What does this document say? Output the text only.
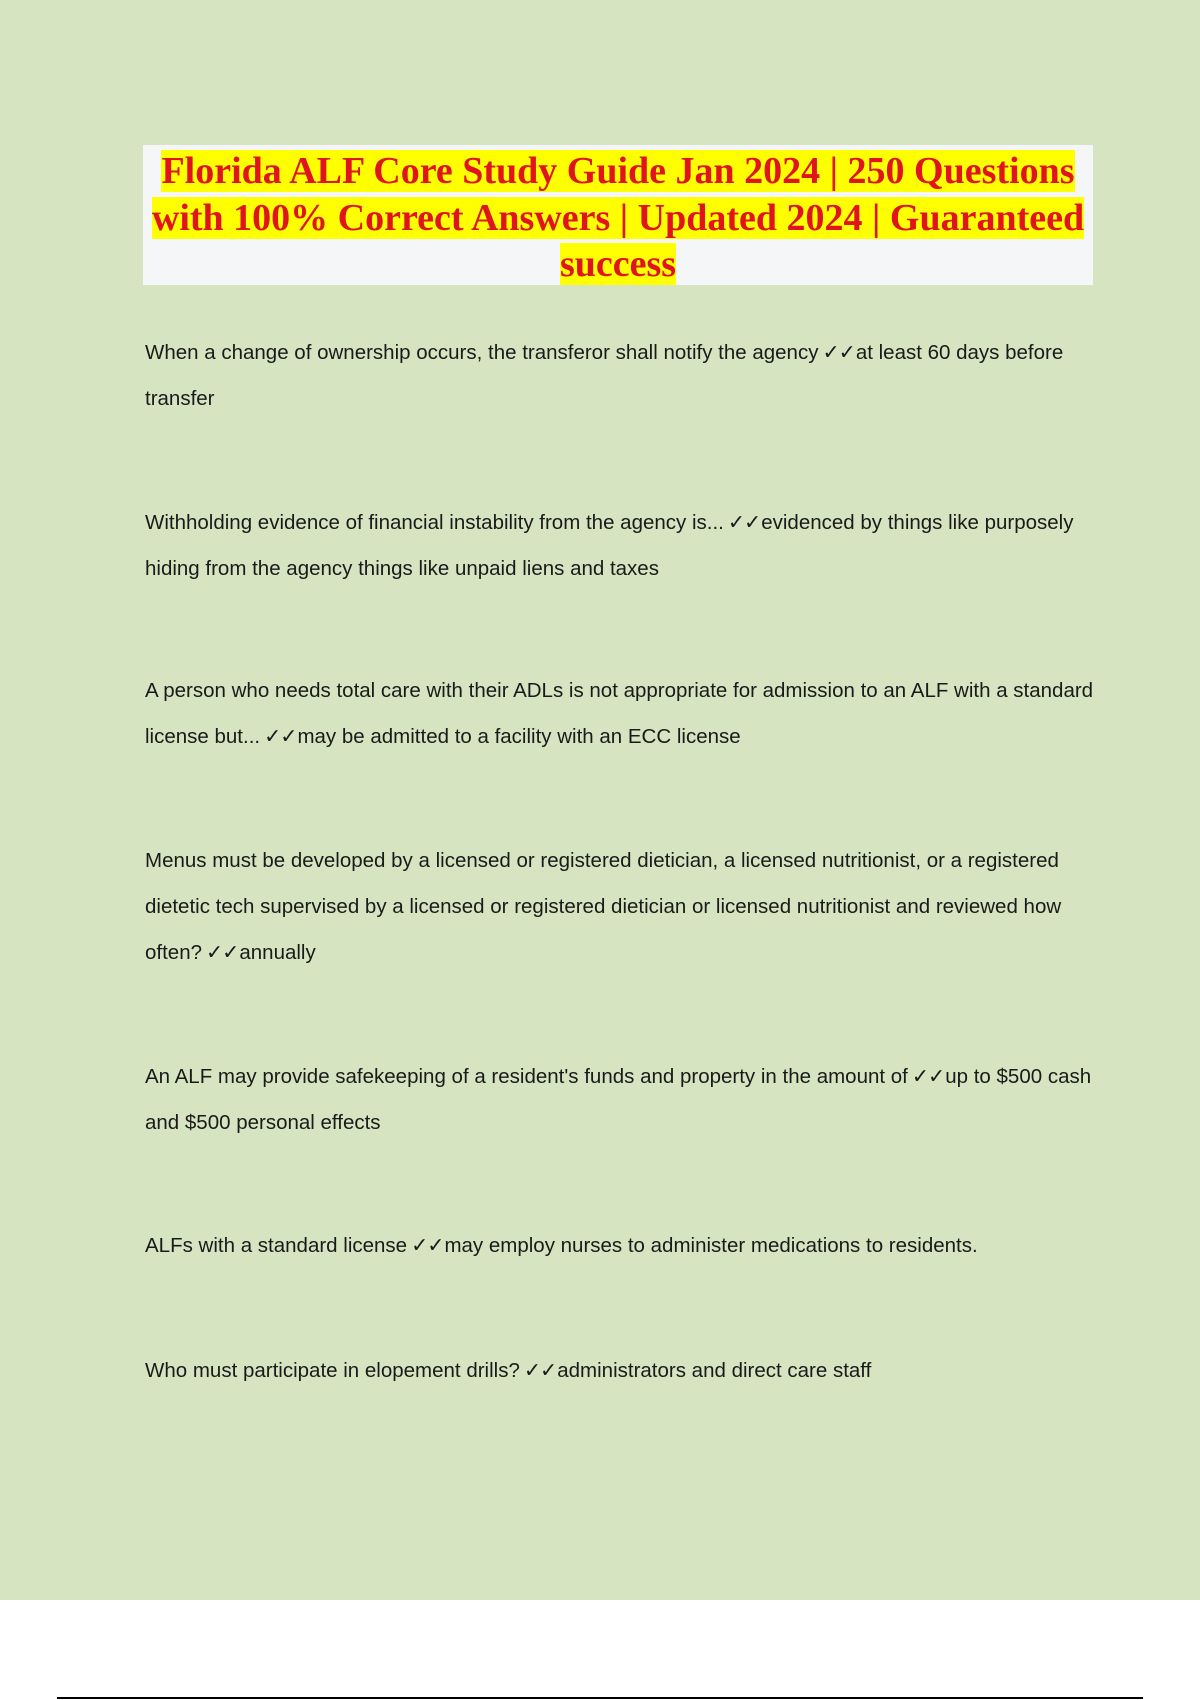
Florida ALF Core Study Guide Jan 2024 | 250 Questions with 100% Correct Answers | Updated 2024 | Guaranteed success

When a change of ownership occurs, the transferor shall notify the agency ✓✓at least 60 days before transfer

Withholding evidence of financial instability from the agency is... ✓✓evidenced by things like purposely hiding from the agency things like unpaid liens and taxes

A person who needs total care with their ADLs is not appropriate for admission to an ALF with a standard license but... ✓✓may be admitted to a facility with an ECC license

Menus must be developed by a licensed or registered dietician, a licensed nutritionist, or a registered dietetic tech supervised by a licensed or registered dietician or licensed nutritionist and reviewed how often? ✓✓annually

An ALF may provide safekeeping of a resident's funds and property in the amount of ✓✓up to $500 cash and $500 personal effects

ALFs with a standard license ✓✓may employ nurses to administer medications to residents.

Who must participate in elopement drills? ✓✓administrators and direct care staff
